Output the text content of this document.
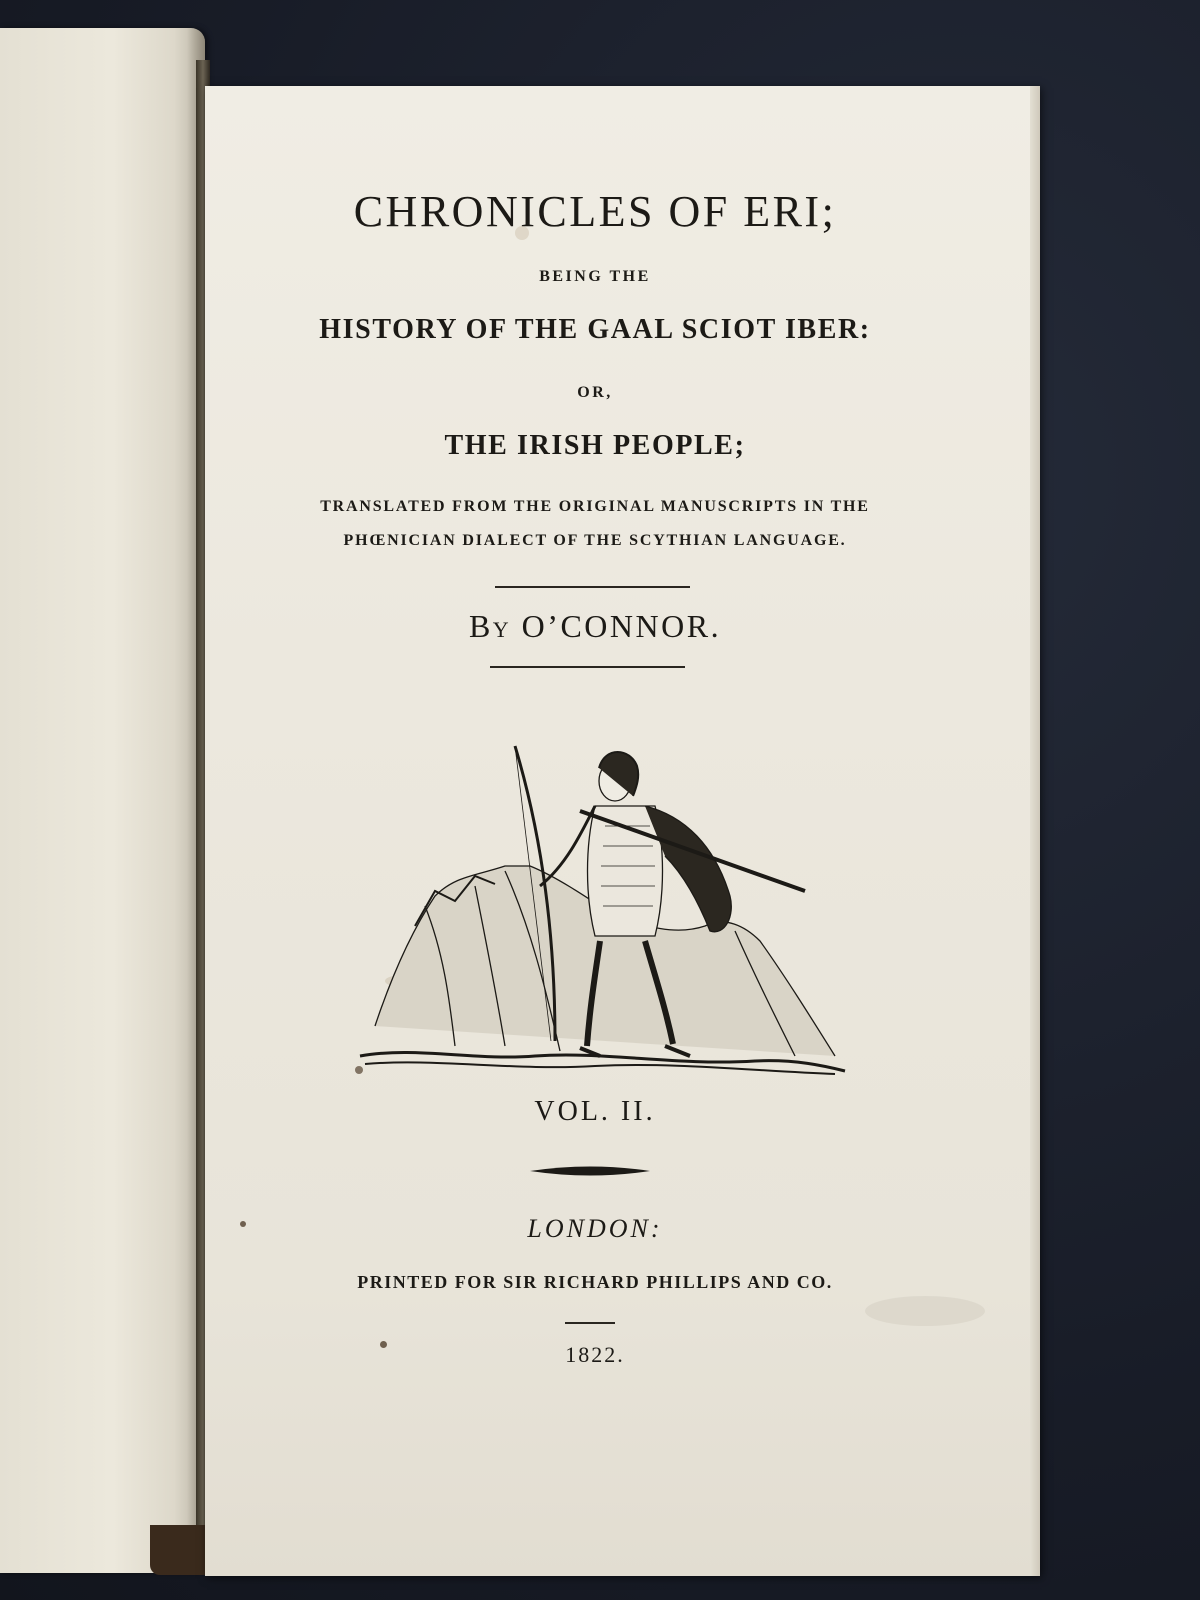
CHRONICLES OF ERI;
BEING THE
HISTORY OF THE GAAL SCIOT IBER:
OR,
THE IRISH PEOPLE;
TRANSLATED FROM THE ORIGINAL MANUSCRIPTS IN THE
PHŒNICIAN DIALECT OF THE SCYTHIAN LANGUAGE.
By O’CONNOR.
VOL. II.
LONDON:
PRINTED FOR SIR RICHARD PHILLIPS AND CO.
1822.
